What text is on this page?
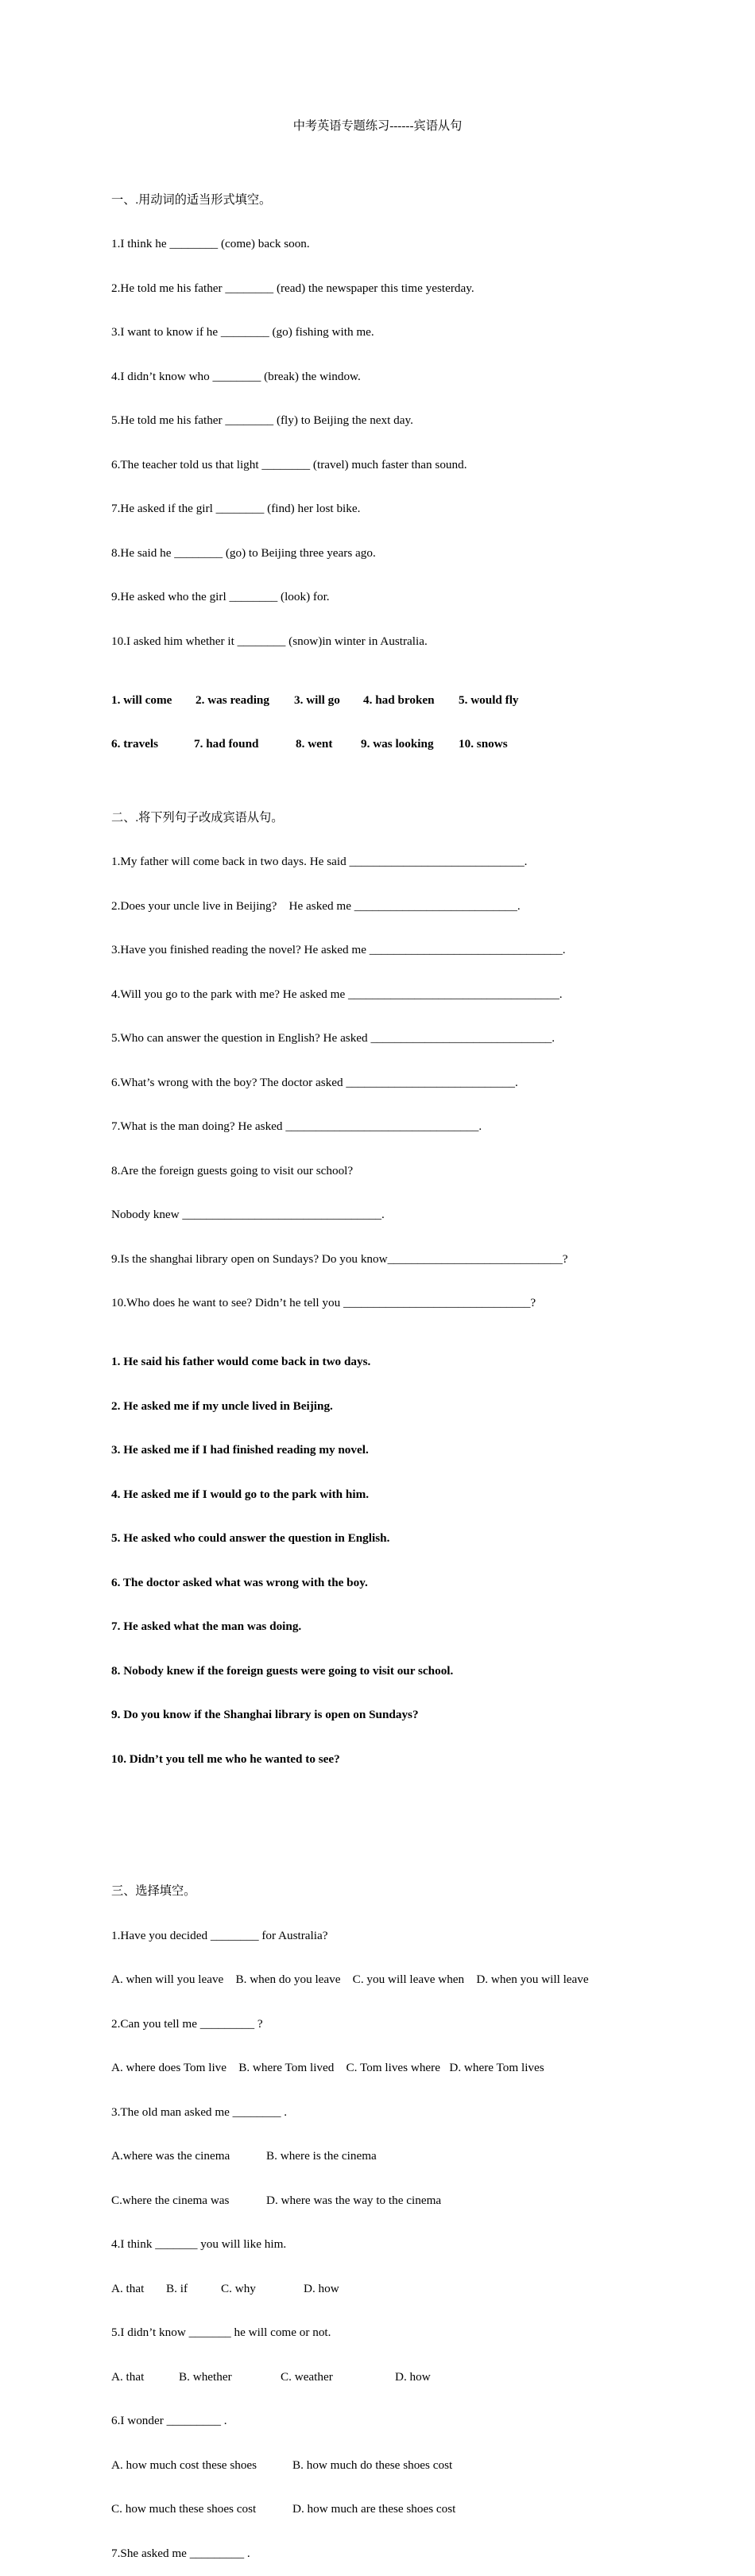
中考英语专题练习------宾语从句

一、.用动词的适当形式填空。

1.I think he ________ (come) back soon.

2.He told me his father ________ (read) the newspaper this time yesterday.

3.I want to know if he ________ (go) fishing with me.

4.I didn’t know who ________ (break) the window.

5.He told me his father ________ (fly) to Beijing the next day.

6.The teacher told us that light ________ (travel) much faster than sound.

7.He asked if the girl ________ (find) her lost bike.

8.He said he ________ (go) to Beijing three years ago.

9.He asked who the girl ________ (look) for.

10.I asked him whether it ________ (snow)in winter in Australia.

1. will come

2. was reading

3. will go

4. had broken

5. would fly

6. travels

	7. had found

	8. went

9. was looking

10. snows

二、.将下列句子改成宾语从句。

1.My father will come back in two days. He said _____________________________.

2.Does your uncle live in Beijing?    He asked me ___________________________.

3.Have you finished reading the novel? He asked me ________________________________.

4.Will you go to the park with me? He asked me ___________________________________.

5.Who can answer the question in English? He asked ______________________________.

6.What’s wrong with the boy? The doctor asked ____________________________.

7.What is the man doing? He asked ________________________________.

8.Are the foreign guests going to visit our school?

Nobody knew _________________________________.

9.Is the shanghai library open on Sundays? Do you know_____________________________?

10.Who does he want to see? Didn’t he tell you _______________________________?

1. He said his father would come back in two days.

2. He asked me if my uncle lived in Beijing.

3. He asked me if I had finished reading my novel.

4. He asked me if I would go to the park with him.

5. He asked who could answer the question in English.

6. The doctor asked what was wrong with the boy.

7. He asked what the man was doing.

8. Nobody knew if the foreign guests were going to visit our school.

9. Do you know if the Shanghai library is open on Sundays?

10. Didn’t you tell me who he wanted to see?

三、选择填空。

1.Have you decided ________ for Australia?

A. when will you leave    B. when do you leave    C. you will leave when    D. when you will leave

2.Can you tell me _________ ?

A. where does Tom live    B. where Tom lived    C. Tom lives where   D. where Tom lives

3.The old man asked me ________ .

A.where was the cinema

	B. where is the cinema

C.where the cinema was

	D. where was the way to the cinema

4.I think _______ you will like him.

A. that

B. if

	C. why

	D. how

5.I didn’t know _______ he will come or not.

A. that

	B. whether

	C. weather

	D. how

6.I wonder _________ .

A. how much cost these shoes

	B. how much do these shoes cost

C. how much these shoes cost

	D. how much are these shoes cost

7.She asked me _________ .
